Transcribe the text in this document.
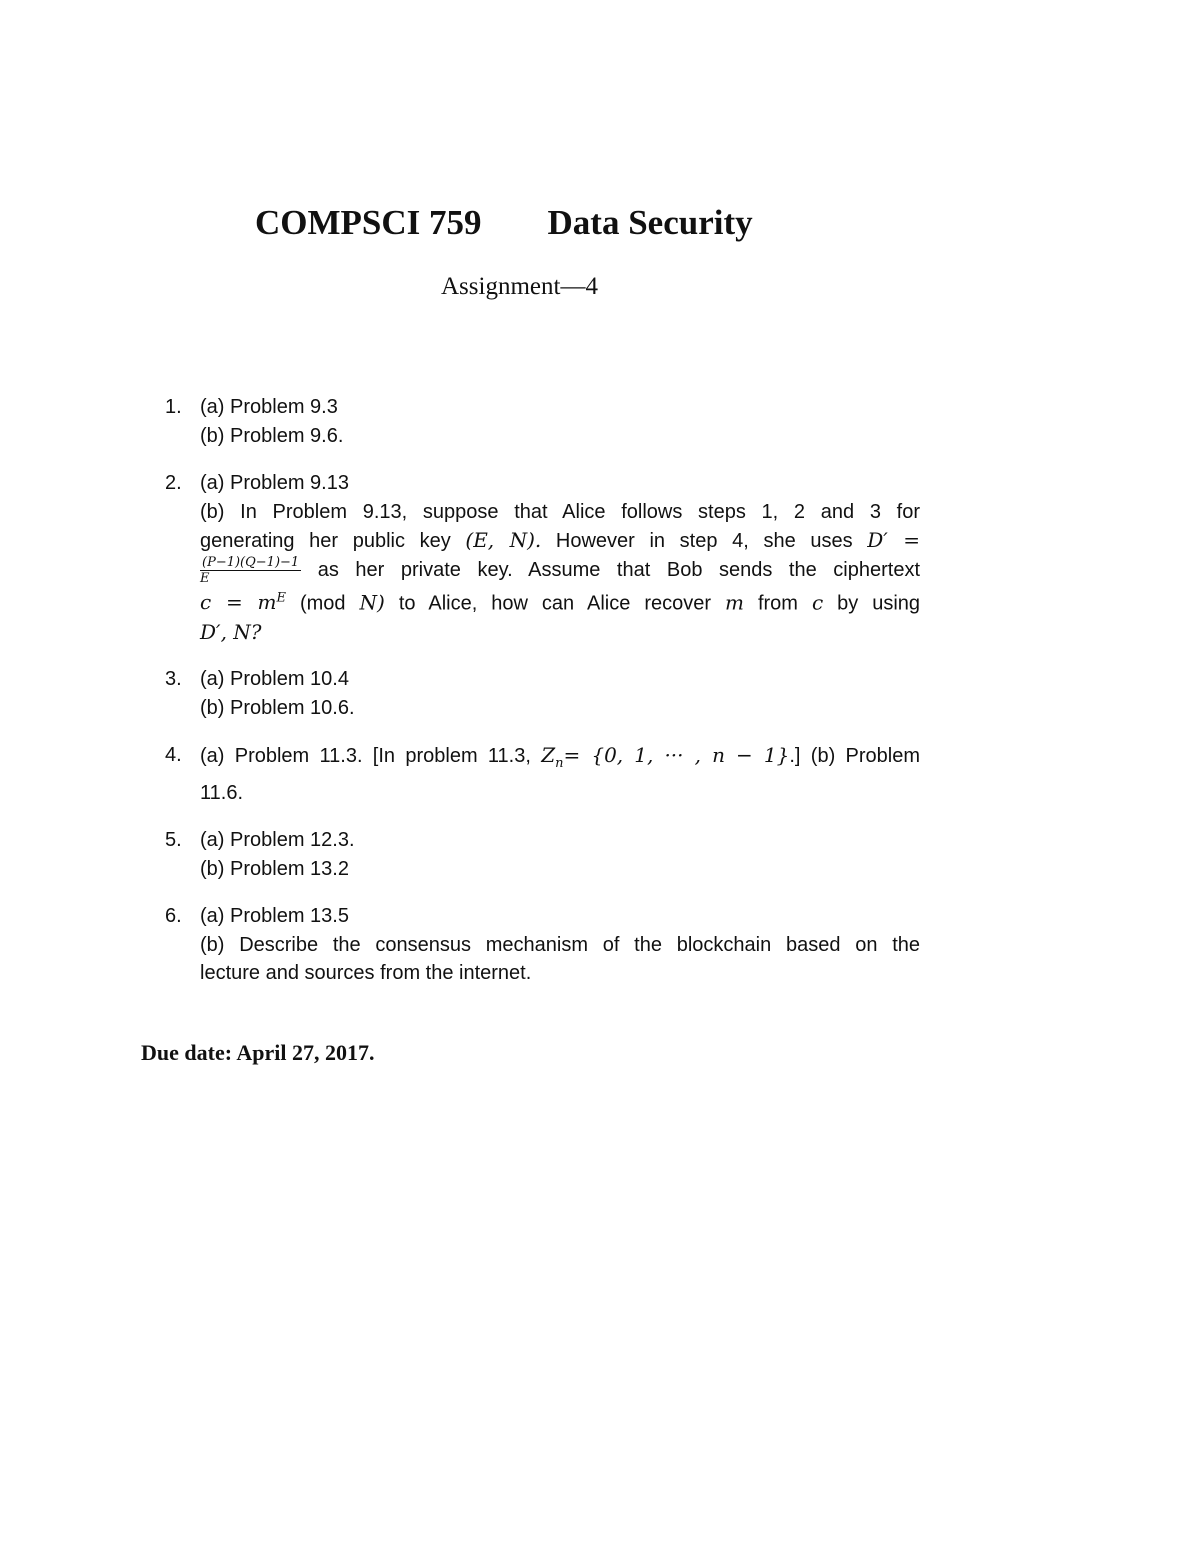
COMPSCI 759 Data Security
Assignment—4
1. (a) Problem 9.3
(b) Problem 9.6.
2. (a) Problem 9.13
(b) In Problem 9.13, suppose that Alice follows steps 1, 2 and 3 for
generating her public key (E, N). However in step 4, she uses D′ =
$\frac{(P-1)(Q-1)-1}{E}$ as her private key. Assume that Bob sends the ciphertext
$c = m^E$ (mod N) to Alice, how can Alice recover m from c by using
D′, N?
3. (a) Problem 10.4
(b) Problem 10.6.
4. (a) Problem 11.3. [In problem 11.3, $Z_n= \{0$, 1, ··· , n − 1}.] (b) Problem
11.6.
5. (a) Problem 12.3.
(b) Problem 13.2
6. (a) Problem 13.5
(b) Describe the consensus mechanism of the blockchain based on the
lecture and sources from the internet.
Due date: April 27, 2017.
